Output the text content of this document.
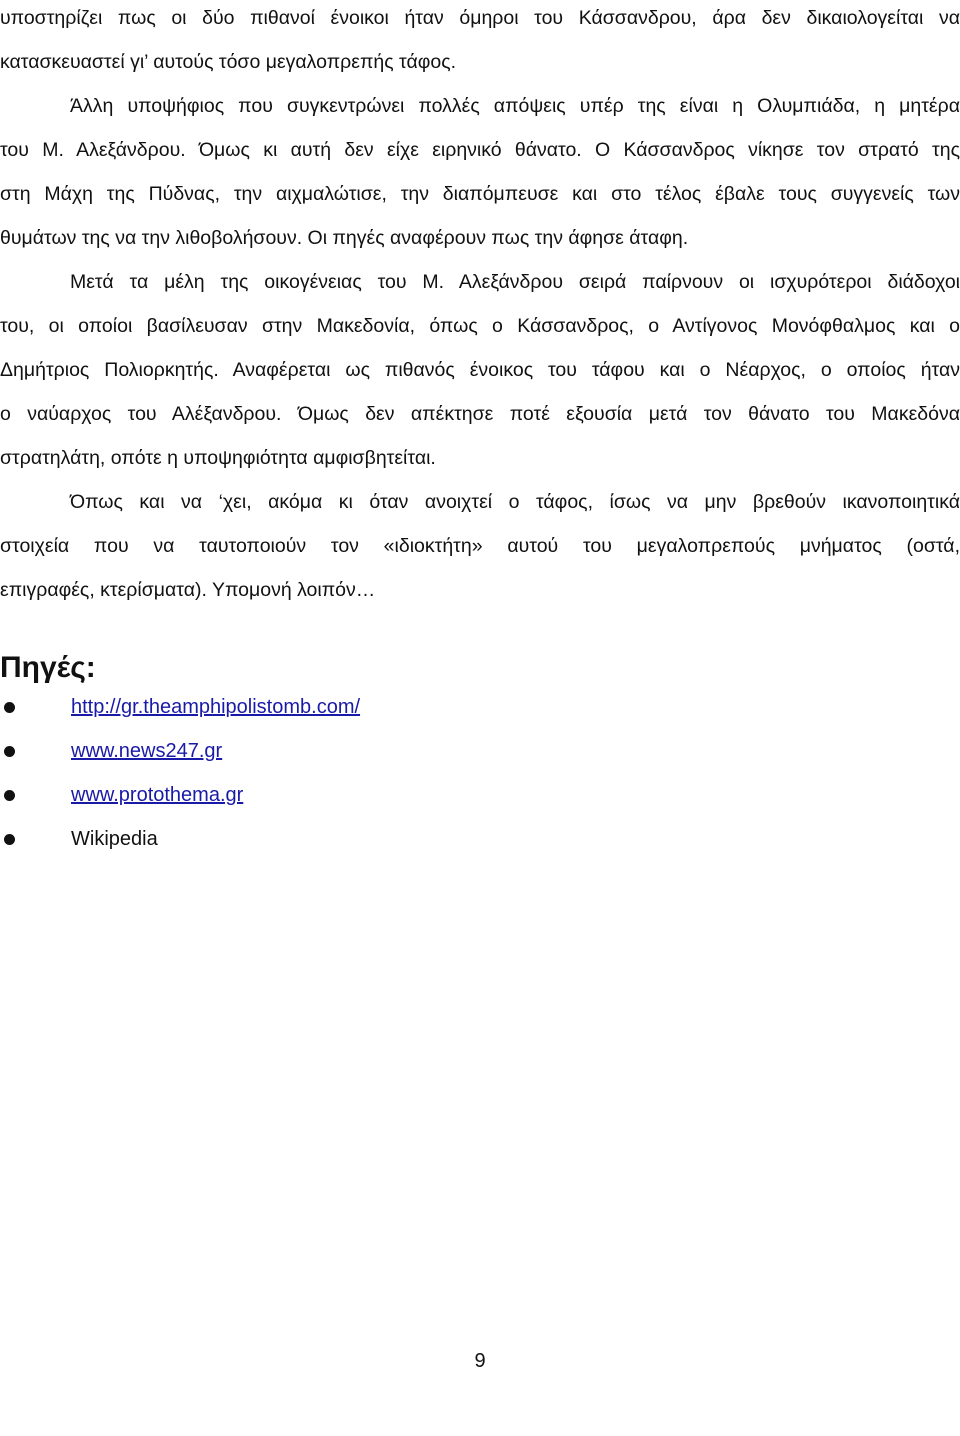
υποστηρίζει πως οι δύο πιθανοί ένοικοι ήταν όμηροι του Κάσσανδρου, άρα δεν δικαιολογείται να
κατασκευαστεί γι’ αυτούς τόσο μεγαλοπρεπής τάφος.
Άλλη υποψήφιος που συγκεντρώνει πολλές απόψεις υπέρ της είναι η Ολυμπιάδα, η μητέρα
του Μ. Αλεξάνδρου. Όμως κι αυτή δεν είχε ειρηνικό θάνατο. Ο Κάσσανδρος νίκησε τον στρατό της
στη Μάχη της Πύδνας, την αιχμαλώτισε, την διαπόμπευσε και στο τέλος έβαλε τους συγγενείς των
θυμάτων της να την λιθοβολήσουν. Οι πηγές αναφέρουν πως την άφησε άταφη.
Μετά τα μέλη της οικογένειας του Μ. Αλεξάνδρου σειρά παίρνουν οι ισχυρότεροι διάδοχοι
του, οι οποίοι βασίλευσαν στην Μακεδονία, όπως ο Κάσσανδρος, ο Αντίγονος Μονόφθαλμος και ο
Δημήτριος Πολιορκητής. Αναφέρεται ως πιθανός ένοικος του τάφου και ο Νέαρχος, ο οποίος ήταν
ο ναύαρχος του Αλέξανδρου. Όμως δεν απέκτησε ποτέ εξουσία μετά τον θάνατο του Μακεδόνα
στρατηλάτη, οπότε η υποψηφιότητα αμφισβητείται.
Όπως και να ‘χει, ακόμα κι όταν ανοιχτεί ο τάφος, ίσως να μην βρεθούν ικανοποιητικά
στοιχεία που να ταυτοποιούν τον «ιδιοκτήτη» αυτού του μεγαλοπρεπούς μνήματος (οστά,
επιγραφές, κτερίσματα). Υπομονή λοιπόν…
Πηγές:
http://gr.theamphipolistomb.com/
www.news247.gr
www.protothema.gr
Wikipedia
9
